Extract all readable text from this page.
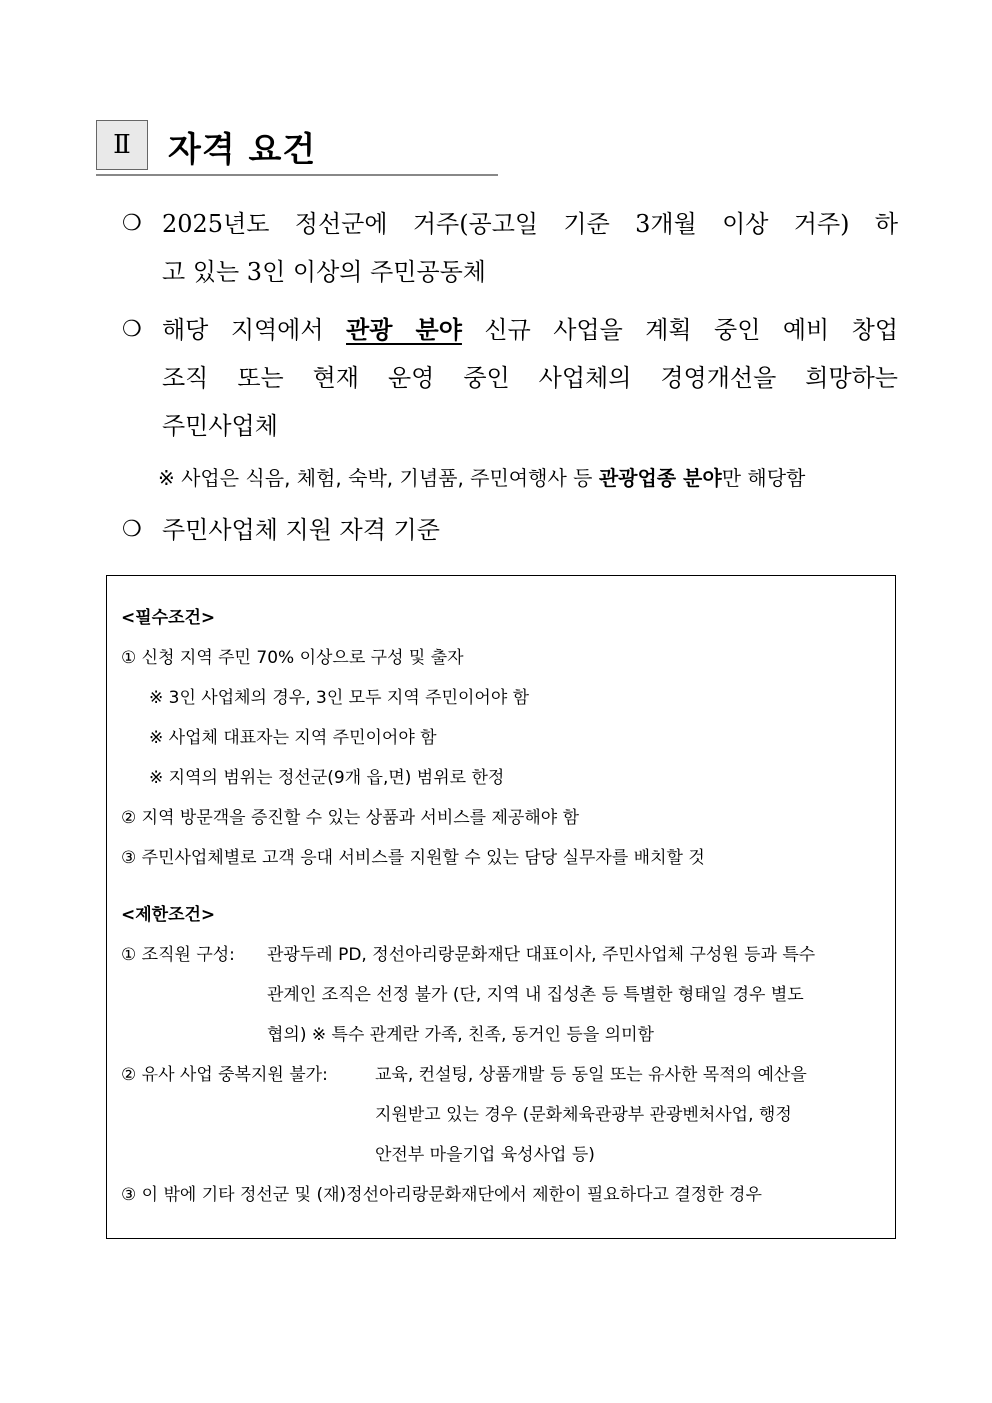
Ⅱ	자격 요건
❍ 2025년도 정선군에 거주(공고일 기준 3개월 이상 거주) 하
고 있는 3인 이상의 주민공동체
❍ 해당 지역에서 관광 분야 신규 사업을 계획 중인 예비 창업
조직 또는 현재 운영 중인 사업체의 경영개선을 희망하는
주민사업체
※ 사업은 식음, 체험, 숙박, 기념품, 주민여행사 등 관광업종 분야만 해당함
❍ 주민사업체 지원 자격 기준
<필수조건>
① 신청 지역 주민 70% 이상으로 구성 및 출자
※ 3인 사업체의 경우, 3인 모두 지역 주민이어야 함
※ 사업체 대표자는 지역 주민이어야 함
※ 지역의 범위는 정선군(9개 읍,면) 범위로 한정
② 지역 방문객을 증진할 수 있는 상품과 서비스를 제공해야 함
③ 주민사업체별로 고객 응대 서비스를 지원할 수 있는 담당 실무자를 배치할 것
<제한조건>
① 조직원 구성: 관광두레 PD, 정선아리랑문화재단 대표이사, 주민사업체 구성원 등과 특수
관계인 조직은 선정 불가 (단, 지역 내 집성촌 등 특별한 형태일 경우 별도
협의) ※ 특수 관계란 가족, 친족, 동거인 등을 의미함
② 유사 사업 중복지원 불가:	교육, 컨설팅, 상품개발 등 동일 또는 유사한 목적의 예산을
지원받고 있는 경우 (문화체육관광부 관광벤처사업, 행정
안전부 마을기업 육성사업 등)
③ 이 밖에 기타 정선군 및 (재)정선아리랑문화재단에서 제한이 필요하다고 결정한 경우
